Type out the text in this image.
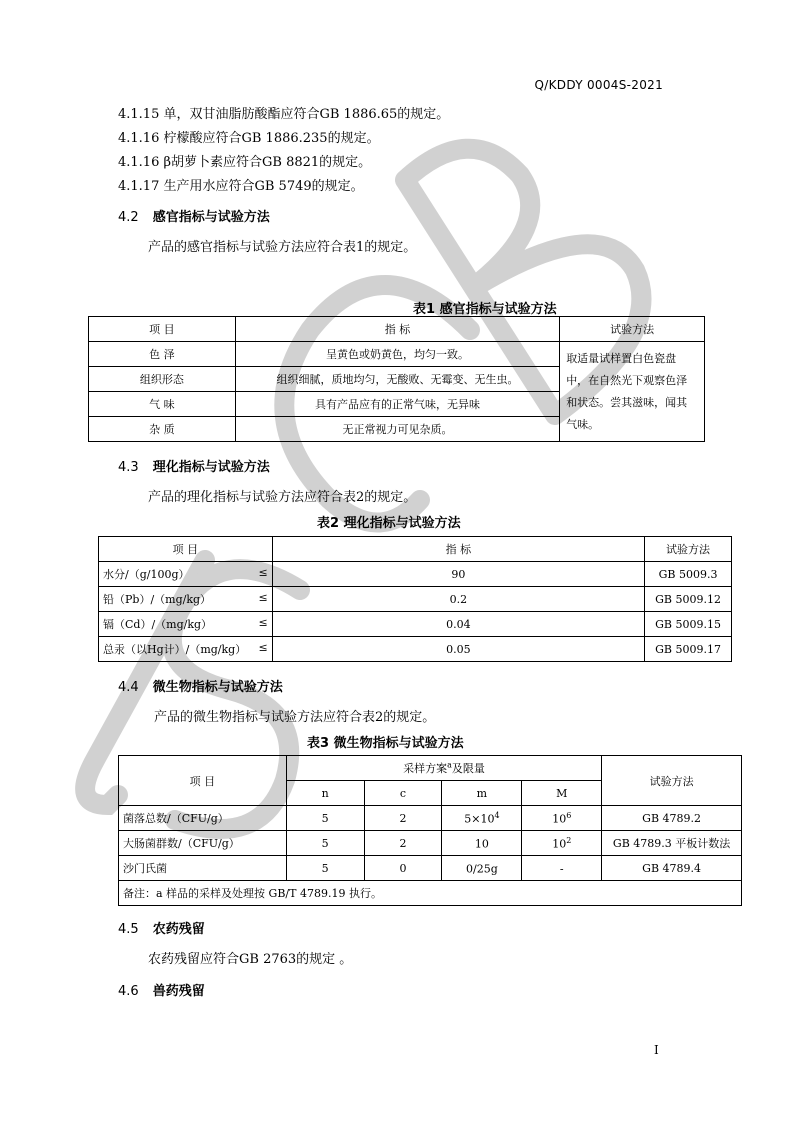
Q/KDDY 0004S-2021
4.1.15 单，双甘油脂肪酸酯应符合GB 1886.65的规定。
4.1.16 柠檬酸应符合GB 1886.235的规定。
4.1.16 β胡萝卜素应符合GB 8821的规定。
4.1.17 生产用水应符合GB 5749的规定。
4.2 感官指标与试验方法
产品的感官指标与试验方法应符合表1的规定。
表1 感官指标与试验方法
项 目	指 标	试验方法
色 泽	呈黄色或奶黄色，均匀一致。	取适量试样置白色瓷盘中，在自然光下观察色泽和状态。尝其滋味，闻其气味。
组织形态	组织细腻，质地均匀，无酸败、无霉变、无生虫。	
气 味	具有产品应有的正常气味，无异味	
杂 质	无正常视力可见杂质。	
4.3 理化指标与试验方法
产品的理化指标与试验方法应符合表2的规定。
表2 理化指标与试验方法
项 目	指 标	试验方法
水分/（g/100g） ≤	90	GB 5009.3
铅（Pb）/（mg/kg） ≤	0.2	GB 5009.12
镉（Cd）/（mg/kg） ≤	0.04	GB 5009.15
总汞（以Hg计）/（mg/kg） ≤	0.05	GB 5009.17
4.4 微生物指标与试验方法
产品的微生物指标与试验方法应符合表2的规定。
表3 微生物指标与试验方法
项 目	采样方案$^a$及限量				试验方法
	n	c	m	M	
菌落总数/（CFU/g）	5	2	$5\times 10^4$	$10^6$	GB 4789.2
大肠菌群数/（CFU/g）	5	2	10	$10^2$	GB 4789.3 平板计数法
沙门氏菌	5	0	0/25g	-	GB 4789.4
备注：a 样品的采样及处理按 GB/T 4789.19 执行。					
4.5 农药残留
农药残留应符合GB 2763的规定 。
4.6 兽药残留
I
